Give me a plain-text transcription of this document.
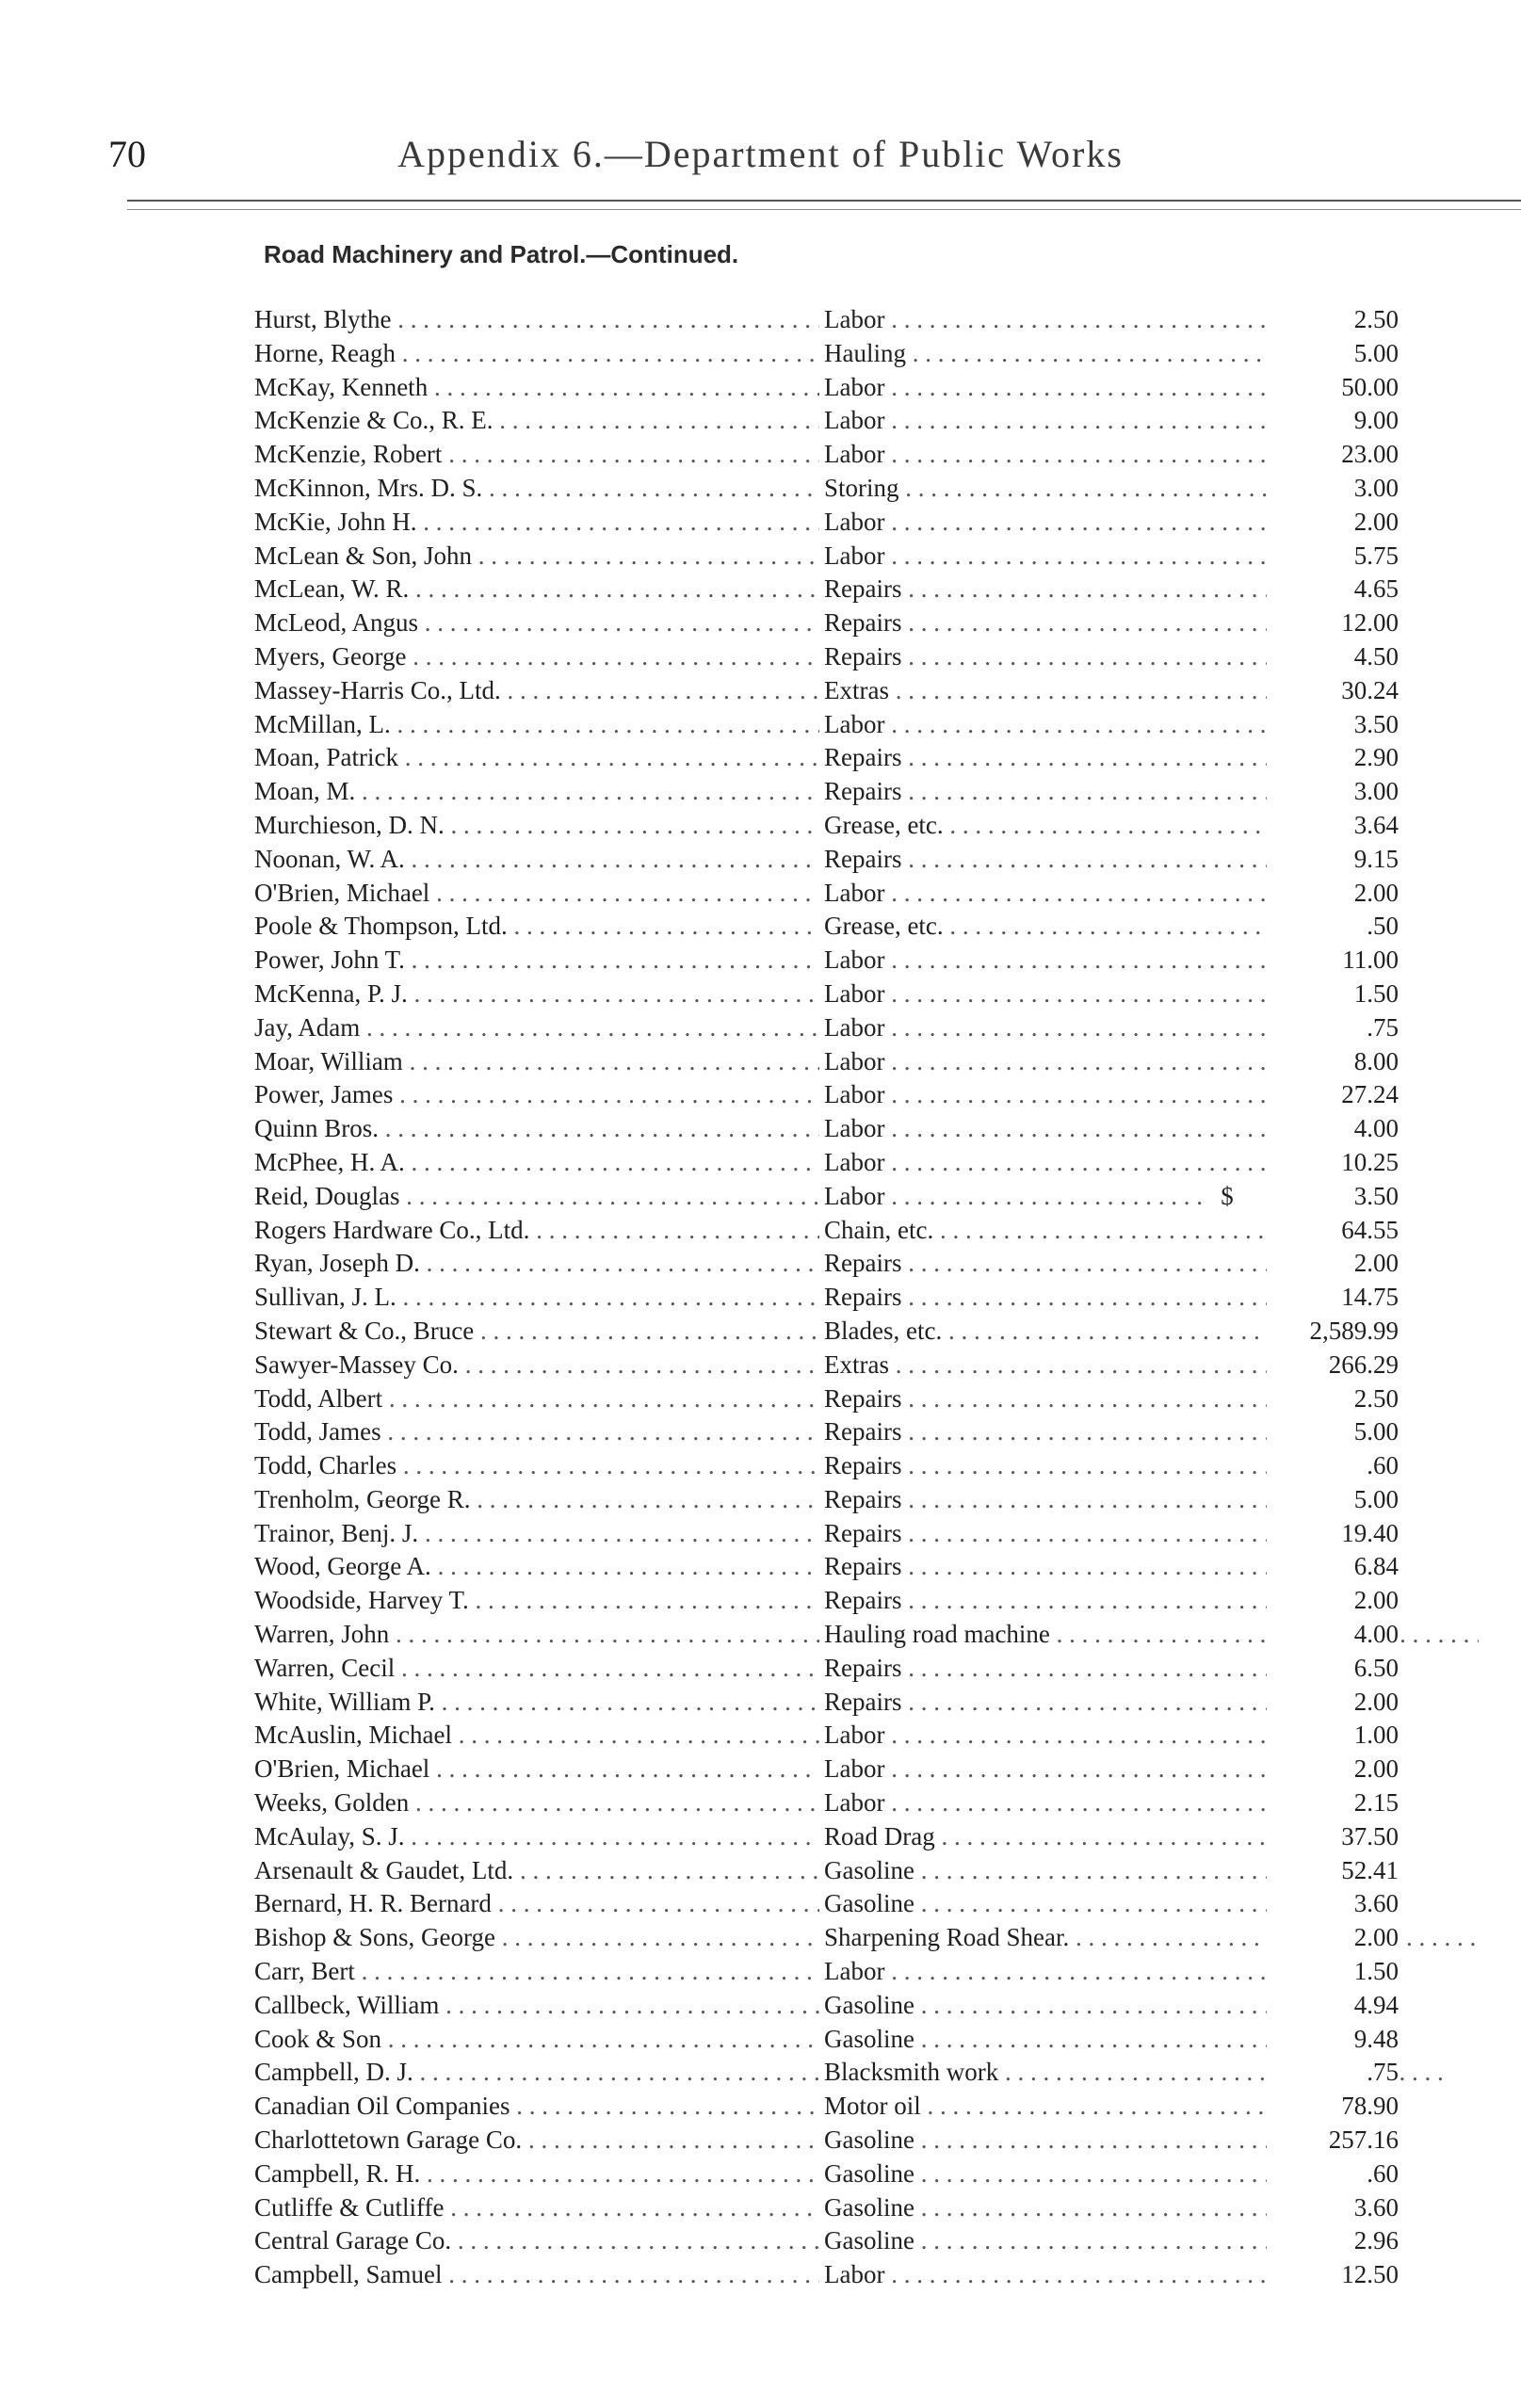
70	Appendix 6.—Department of Public Works
Road Machinery and Patrol.—Continued.
Hurst, Blythe . . .	Labor . . .	2.50
Horne, Reagh . . .	Hauling . . .	5.00
McKay, Kenneth . . .	Labor . . .	50.00
McKenzie & Co., R. E. . . .	Labor . . .	9.00
McKenzie, Robert . . .	Labor . . .	23.00
McKinnon, Mrs. D. S. . . .	Storing . . .	3.00
McKie, John H. . . .	Labor . . .	2.00
McLean & Son, John . . .	Labor . . .	5.75
McLean, W. R. . . .	Repairs . . .	4.65
McLeod, Angus . . .	Repairs . . .	12.00
Myers, George . . .	Repairs . . .	4.50
Massey-Harris Co., Ltd. . . .	Extras . . .	30.24
McMillan, L. . . .	Labor . . .	3.50
Moan, Patrick . . .	Repairs . . .	2.90
Moan, M. . . .	Repairs . . .	3.00
Murchieson, D. N. . . .	Grease, etc. . . .	3.64
Noonan, W. A. . . .	Repairs . . .	9.15
O'Brien, Michael . . .	Labor . . .	2.00
Poole & Thompson, Ltd. . . .	Grease, etc. . . .	.50
Power, John T. . . .	Labor . . .	11.00
McKenna, P. J. . . .	Labor . . .	1.50
Jay, Adam . . .	Labor . . .	.75
Moar, William . . .	Labor . . .	8.00
Power, James . . .	Labor . . .	27.24
Quinn Bros. . . .	Labor . . .	4.00
McPhee, H. A. . . .	Labor . . .	10.25
Reid, Douglas . . .	Labor . . .	$	3.50
Rogers Hardware Co., Ltd. . . .	Chain, etc. . . .	64.55
Ryan, Joseph D. . . .	Repairs . . .	2.00
Sullivan, J. L. . . .	Repairs . . .	14.75
Stewart & Co., Bruce . . .	Blades, etc. . . .	2,589.99
Sawyer-Massey Co. . . .	Extras . . .	266.29
Todd, Albert . . .	Repairs . . .	2.50
Todd, James . . .	Repairs . . .	5.00
Todd, Charles . . .	Repairs . . .	.60
Trenholm, George R. . . .	Repairs . . .	5.00
Trainor, Benj. J. . . .	Repairs . . .	19.40
Wood, George A. . . .	Repairs . . .	6.84
Woodside, Harvey T. . . .	Repairs . . .	2.00
Warren, John . . .	Hauling road machine . . .	4.00
Warren, Cecil . . .	Repairs . . .	6.50
White, William P. . . .	Repairs . . .	2.00
McAuslin, Michael . . .	Labor . . .	1.00
O'Brien, Michael . . .	Labor . . .	2.00
Weeks, Golden . . .	Labor . . .	2.15
McAulay, S. J. . . .	Road Drag . . .	37.50
Arsenault & Gaudet, Ltd. . . .	Gasoline . . .	52.41
Bernard, H. R. Bernard . . .	Gasoline . . .	3.60
Bishop & Sons, George . . .	Sharpening Road Shear. . . .	2.00
Carr, Bert . . .	Labor . . .	1.50
Callbeck, William . . .	Gasoline . . .	4.94
Cook & Son . . .	Gasoline . . .	9.48
Campbell, D. J. . . .	Blacksmith work . . .	.75
Canadian Oil Companies . . .	Motor oil . . .	78.90
Charlottetown Garage Co. . . .	Gasoline . . .	257.16
Campbell, R. H. . . .	Gasoline . . .	.60
Cutliffe & Cutliffe . . .	Gasoline . . .	3.60
Central Garage Co. . . .	Gasoline . . .	2.96
Campbell, Samuel . . .	Labor . . .	12.50
